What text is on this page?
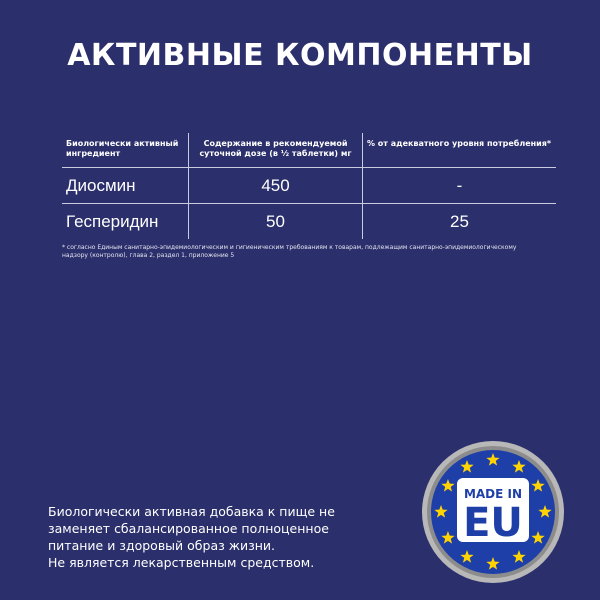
АКТИВНЫЕ КОМПОНЕНТЫ
Биологически активный ингредиент	Содержание в рекомендуемой суточной дозе (в ½ таблетки) мг	% от адекватного уровня потребления*
Диосмин	450	-
Гесперидин	50	25

* согласно Единым санитарно-эпидемиологическим и гигиеническим требованиям к товарам, подлежащим санитарно-эпидемиологическому надзору (контролю), глава 2, раздел 1, приложение 5

Биологически активная добавка к пище не
заменяет сбалансированное полноценное
питание и здоровый образ жизни.
Не является лекарственным средством.

MADE IN
EU
